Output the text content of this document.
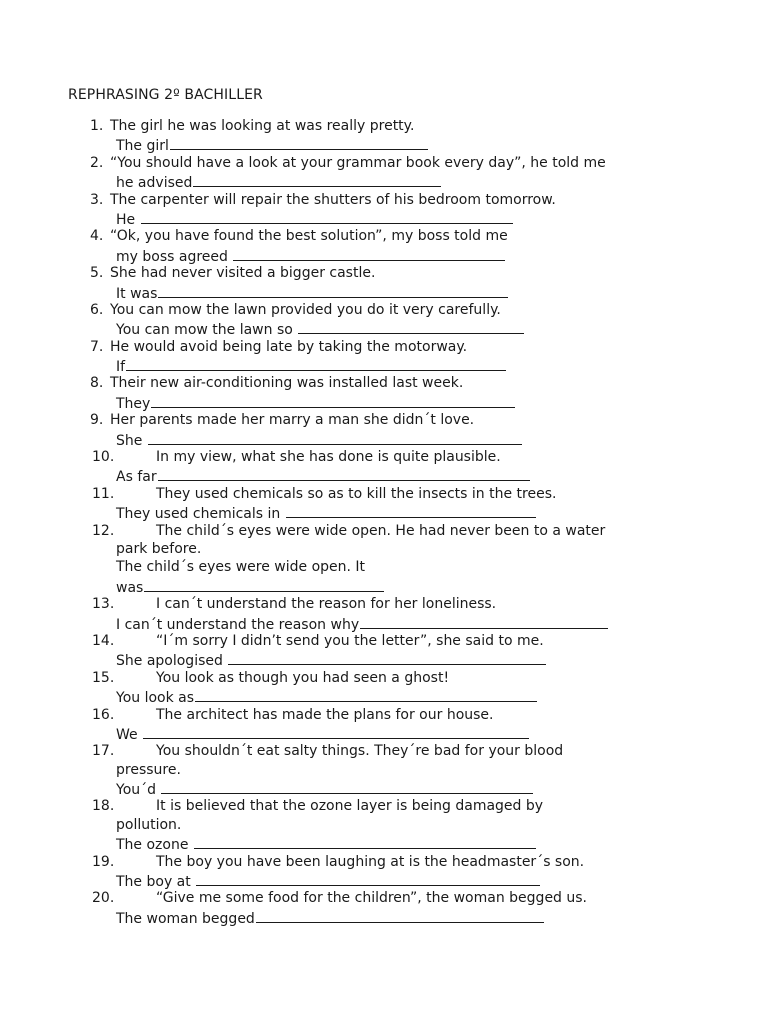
REPHRASING 2º BACHILLER
1. The girl he was looking at was really pretty.
The girl
2. “You should have a look at your grammar book every day”, he told me
he advised
3. The carpenter will repair the shutters of his bedroom tomorrow.
He
4. “Ok, you have found the best solution”, my boss told me
my boss agreed
5. She had never visited a bigger castle.
It was
6. You can mow the lawn provided you do it very carefully.
You can mow the lawn so
7. He would avoid being late by taking the motorway.
If
8. Their new air-conditioning was installed last week.
They
9. Her parents made her marry a man she didn´t love.
She
10.	In my view, what she has done is quite plausible.
As far
11.	They used chemicals so as to kill the insects in the trees.
They used chemicals in
12.	The child´s eyes were wide open. He had never been to a water
park before.
The child´s eyes were wide open. It
was
13.	I can´t understand the reason for her loneliness.
I can´t understand the reason why
14.	“I´m sorry I didn’t send you the letter”, she said to me.
She apologised
15.	You look as though you had seen a ghost!
You look as
16.	The architect has made the plans for our house.
We
17.	You shouldn´t eat salty things. They´re bad for your blood
pressure.
You´d
18.	It is believed that the ozone layer is being damaged by
pollution.
The ozone
19.	The boy you have been laughing at is the headmaster´s son.
The boy at
20.	“Give me some food for the children”, the woman begged us.
The woman begged
